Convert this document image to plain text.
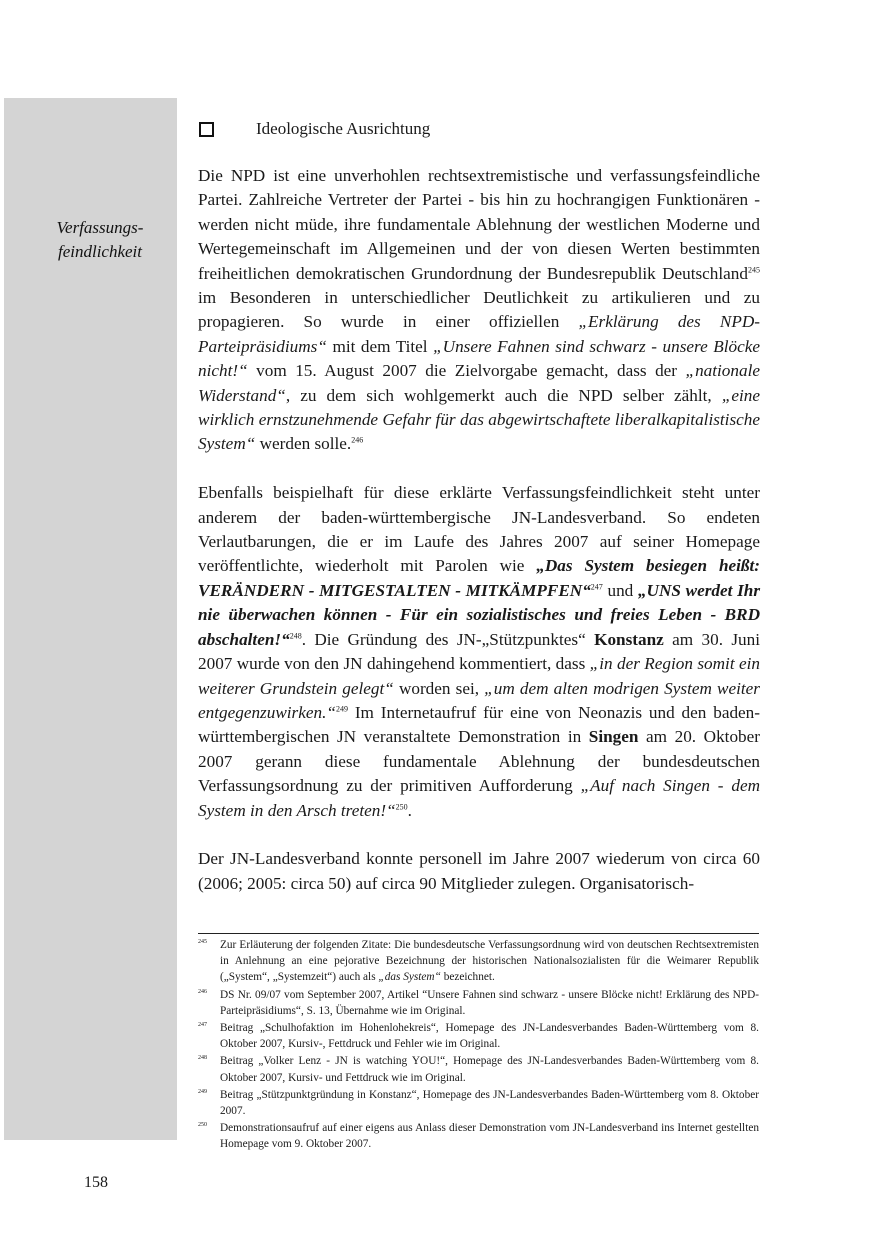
Verfassungs-
feindlichkeit
Ideologische Ausrichtung

Die NPD ist eine unverhohlen rechtsextremistische und verfassungsfeindliche Partei. Zahlreiche Vertreter der Partei - bis hin zu hochrangigen Funktionären - werden nicht müde, ihre fundamentale Ablehnung der westlichen Moderne und Wertegemeinschaft im Allgemeinen und der von diesen Werten bestimmten freiheitlichen demokratischen Grundordnung der Bundesrepublik Deutschland$^{245}$ im Besonderen in unterschiedlicher Deutlichkeit zu artikulieren und zu propagieren. So wurde in einer offiziellen „Erklärung des NPD-Parteipräsidiums“ mit dem Titel „Unsere Fahnen sind schwarz - unsere Blöcke nicht!“ vom 15. August 2007 die Zielvorgabe gemacht, dass der „nationale Widerstand“, zu dem sich wohlgemerkt auch die NPD selber zählt, „eine wirklich ernstzunehmende Gefahr für das abgewirtschaftete liberalkapitalistische System“ werden solle.$^{246}$

Ebenfalls beispielhaft für diese erklärte Verfassungsfeindlichkeit steht unter anderem der baden-württembergische JN-Landesverband. So endeten Verlautbarungen, die er im Laufe des Jahres 2007 auf seiner Homepage veröffentlichte, wiederholt mit Parolen wie „Das System besiegen heißt: VERÄNDERN - MITGESTALTEN - MITKÄMPFEN“$^{247}$ und „UNS werdet Ihr nie überwachen können - Für ein sozialistisches und freies Leben - BRD abschalten!“$^{248}$. Die Gründung des JN-„Stützpunktes“ Konstanz am 30. Juni 2007 wurde von den JN dahingehend kommentiert, dass „in der Region somit ein weiterer Grundstein gelegt“ worden sei, „um dem alten modrigen System weiter entgegenzuwirken.“$^{249}$ Im Internetaufruf für eine von Neonazis und den baden-württembergischen JN veranstaltete Demonstration in Singen am 20. Oktober 2007 gerann diese fundamentale Ablehnung der bundesdeutschen Verfassungsordnung zu der primitiven Aufforderung „Auf nach Singen - dem System in den Arsch treten!“$^{250}$.

Der JN-Landesverband konnte personell im Jahre 2007 wiederum von circa 60 (2006; 2005: circa 50) auf circa 90 Mitglieder zulegen. Organisatorisch-

245	Zur Erläuterung der folgenden Zitate: Die bundesdeutsche Verfassungsordnung wird von deutschen Rechtsextremisten in Anlehnung an eine pejorative Bezeichnung der historischen Nationalsozialisten für die Weimarer Republik („System“, „Systemzeit“) auch als „das System“ bezeichnet.
246	DS Nr. 09/07 vom September 2007, Artikel “Unsere Fahnen sind schwarz - unsere Blöcke nicht! Erklärung des NPD-Parteipräsidiums“, S. 13, Übernahme wie im Original.
247	Beitrag „Schulhofaktion im Hohenlohekreis“, Homepage des JN-Landesverbandes Baden-Württemberg vom 8. Oktober 2007, Kursiv-, Fettdruck und Fehler wie im Original.
248	Beitrag „Volker Lenz - JN is watching YOU!“, Homepage des JN-Landesverbandes Baden-Württemberg vom 8. Oktober 2007, Kursiv- und Fettdruck wie im Original.
249	Beitrag „Stützpunktgründung in Konstanz“, Homepage des JN-Landesverbandes Baden-Württemberg vom 8. Oktober 2007.
250	Demonstrationsaufruf auf einer eigens aus Anlass dieser Demonstration vom JN-Landesverband ins Internet gestellten Homepage vom 9. Oktober 2007.
158
